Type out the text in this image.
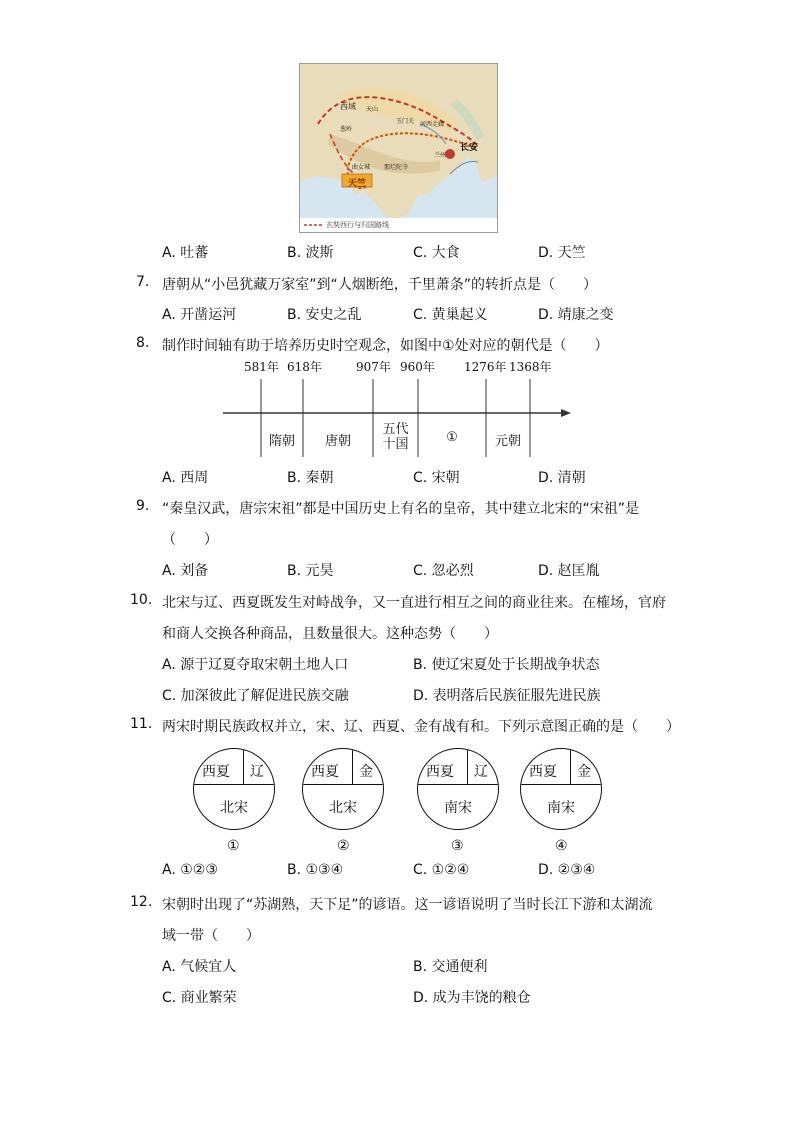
西域 天山
葱岭
玉门关 河西走廊
长安
兰州
天竺
那烂陀寺
曲女城
玄奘西行与归国路线
A. 吐蕃	B. 波斯	C. 大食	D. 天竺
7. 唐朝从“小邑犹藏万家室”到“人烟断绝，千里萧条”的转折点是（　　）
A. 开凿运河	B. 安史之乱	C. 黄巢起义	D. 靖康之变
8. 制作时间轴有助于培养历史时空观念，如图中①处对应的朝代是（　　）
581年 618年	907年 960年 1276年 1368年
隋朝	唐朝
五代
十国	①	元朝
A. 西周	B. 秦朝	C. 宋朝	D. 清朝
9. “秦皇汉武，唐宗宋祖”都是中国历史上有名的皇帝，其中建立北宋的“宋祖”是
（　　）
A. 刘备	B. 元昊	C. 忽必烈	D. 赵匡胤
10. 北宋与辽、西夏既发生对峙战争，又一直进行相互之间的商业往来。在榷场，官府
和商人交换各种商品，且数量很大。这种态势（　　）
A. 源于辽夏夺取宋朝土地人口	B. 使辽宋夏处于长期战争状态
C. 加深彼此了解促进民族交融	D. 表明落后民族征服先进民族
11. 两宋时期民族政权并立，宋、辽、西夏、金有战有和。下列示意图正确的是（　　）
西夏 辽
北宋
西夏 金
北宋
西夏 辽
南宋
西夏 金
南宋
①	②	③	④
A. ①②③	B. ①③④	C. ①②④	D. ②③④
12. 宋朝时出现了“苏湖熟，天下足”的谚语。这一谚语说明了当时长江下游和太湖流
域一带（　　）
A. 气候宜人	B. 交通便利
C. 商业繁荣	D. 成为丰饶的粮仓
